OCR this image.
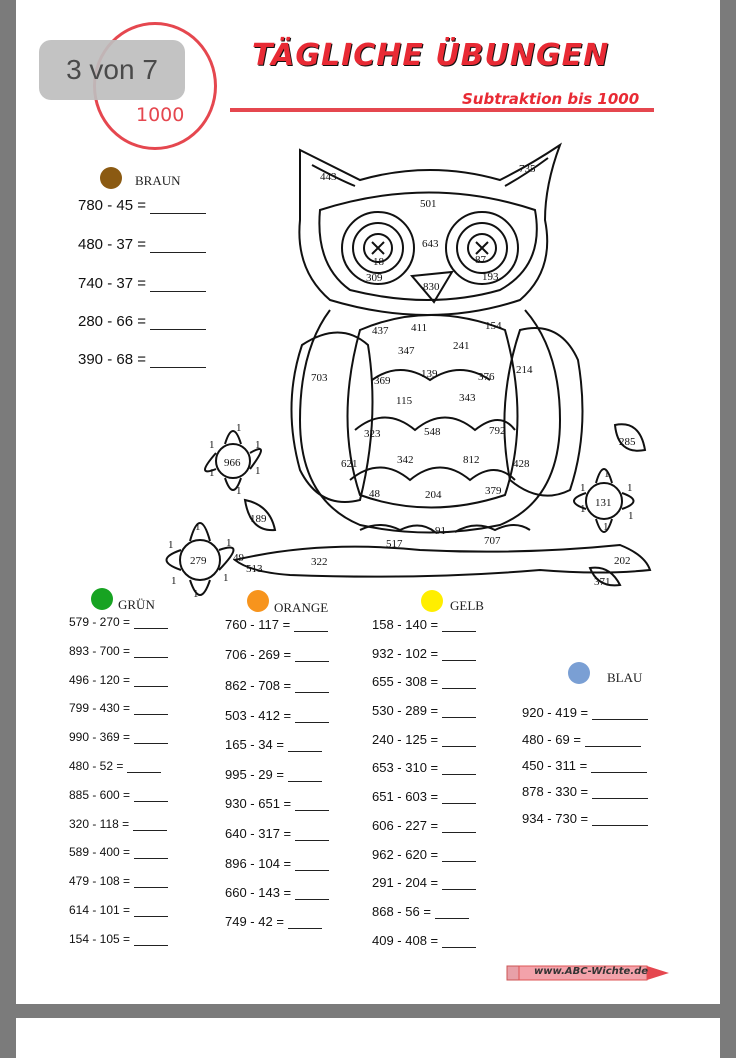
1000
3 von 7	TÄGLICHE ÜBUNGEN
Subtraktion bis 1000
443
735
501
643
18	87
309	193
830
437 411	154
347	241
703	369
139	376
214
115	343
323	548	792
621	342	812	428
48	204	379
91
517	707
322
966
189
279 49
513
285
131
202
371
1
1	1
1	1
1
1
1	1
1	1
1
1
1	1
1
1
1
BRAUN
780 - 45 =
480 - 37 =
740 - 37 =
280 - 66 =
390 - 68 =
GRÜN
579 - 270 =
893 - 700 =
496 - 120 =
799 - 430 =
990 - 369 =
480 - 52 =
885 - 600 =
320 - 118 =
589 - 400 =
479 - 108 =
614 - 101 =
154 - 105 =
ORANGE
760 - 117 =
706 - 269 =
862 - 708 =
503 - 412 =
165 - 34 =
995 - 29 =
930 - 651 =
640 - 317 =
896 - 104 =
660 - 143 =
749 - 42 =
GELB
158 - 140 =
932 - 102 =
655 - 308 =
530 - 289 =
240 - 125 =
653 - 310 =
651 - 603 =
606 - 227 =
962 - 620 =
291 - 204 =
868 - 56 =
409 - 408 =
BLAU
920 - 419 =
480 - 69 =
450 - 311 =
878 - 330 =
934 - 730 =
www.ABC-Wichte.de
